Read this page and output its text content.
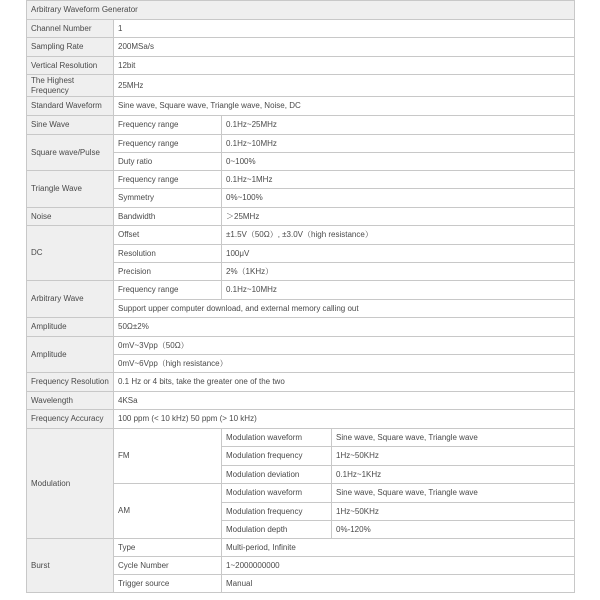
Arbitrary Waveform Generator			
Channel Number	1		
Sampling Rate	200MSa/s		
Vertical Resolution	12bit		
The Highest Frequency	25MHz		
Standard Waveform	Sine wave, Square wave, Triangle wave, Noise, DC		
Sine Wave	Frequency range	0.1Hz~25MHz	
Square wave/Pulse	Frequency range	0.1Hz~10MHz	
	Duty ratio	0~100%	
Triangle Wave	Frequency range	0.1Hz~1MHz	
	Symmetry	0%~100%	
Noise	Bandwidth	＞25MHz	
DC	Offset	±1.5V（50Ω）, ±3.0V（high resistance）	
	Resolution	100μV	
	Precision	2%（1KHz）	
Arbitrary Wave	Frequency range	0.1Hz~10MHz	
	Support upper computer download, and external memory calling out		
Amplitude	50Ω±2%		
Amplitude	0mV~3Vpp（50Ω）		
	0mV~6Vpp（high resistance）		
Frequency Resolution	0.1 Hz or 4 bits, take the greater one of the two		
Wavelength	4KSa		
Frequency Accuracy	100 ppm (< 10 kHz) 50 ppm (> 10 kHz)		
Modulation	FM	Modulation waveform	Sine wave, Square wave, Triangle wave
		Modulation frequency	1Hz~50KHz
		Modulation deviation	0.1Hz~1KHz
	AM	Modulation waveform	Sine wave, Square wave, Triangle wave
		Modulation frequency	1Hz~50KHz
		Modulation depth	0%-120%
Burst	Type	Multi-period, Infinite	
	Cycle Number	1~2000000000	
	Trigger source	Manual	
